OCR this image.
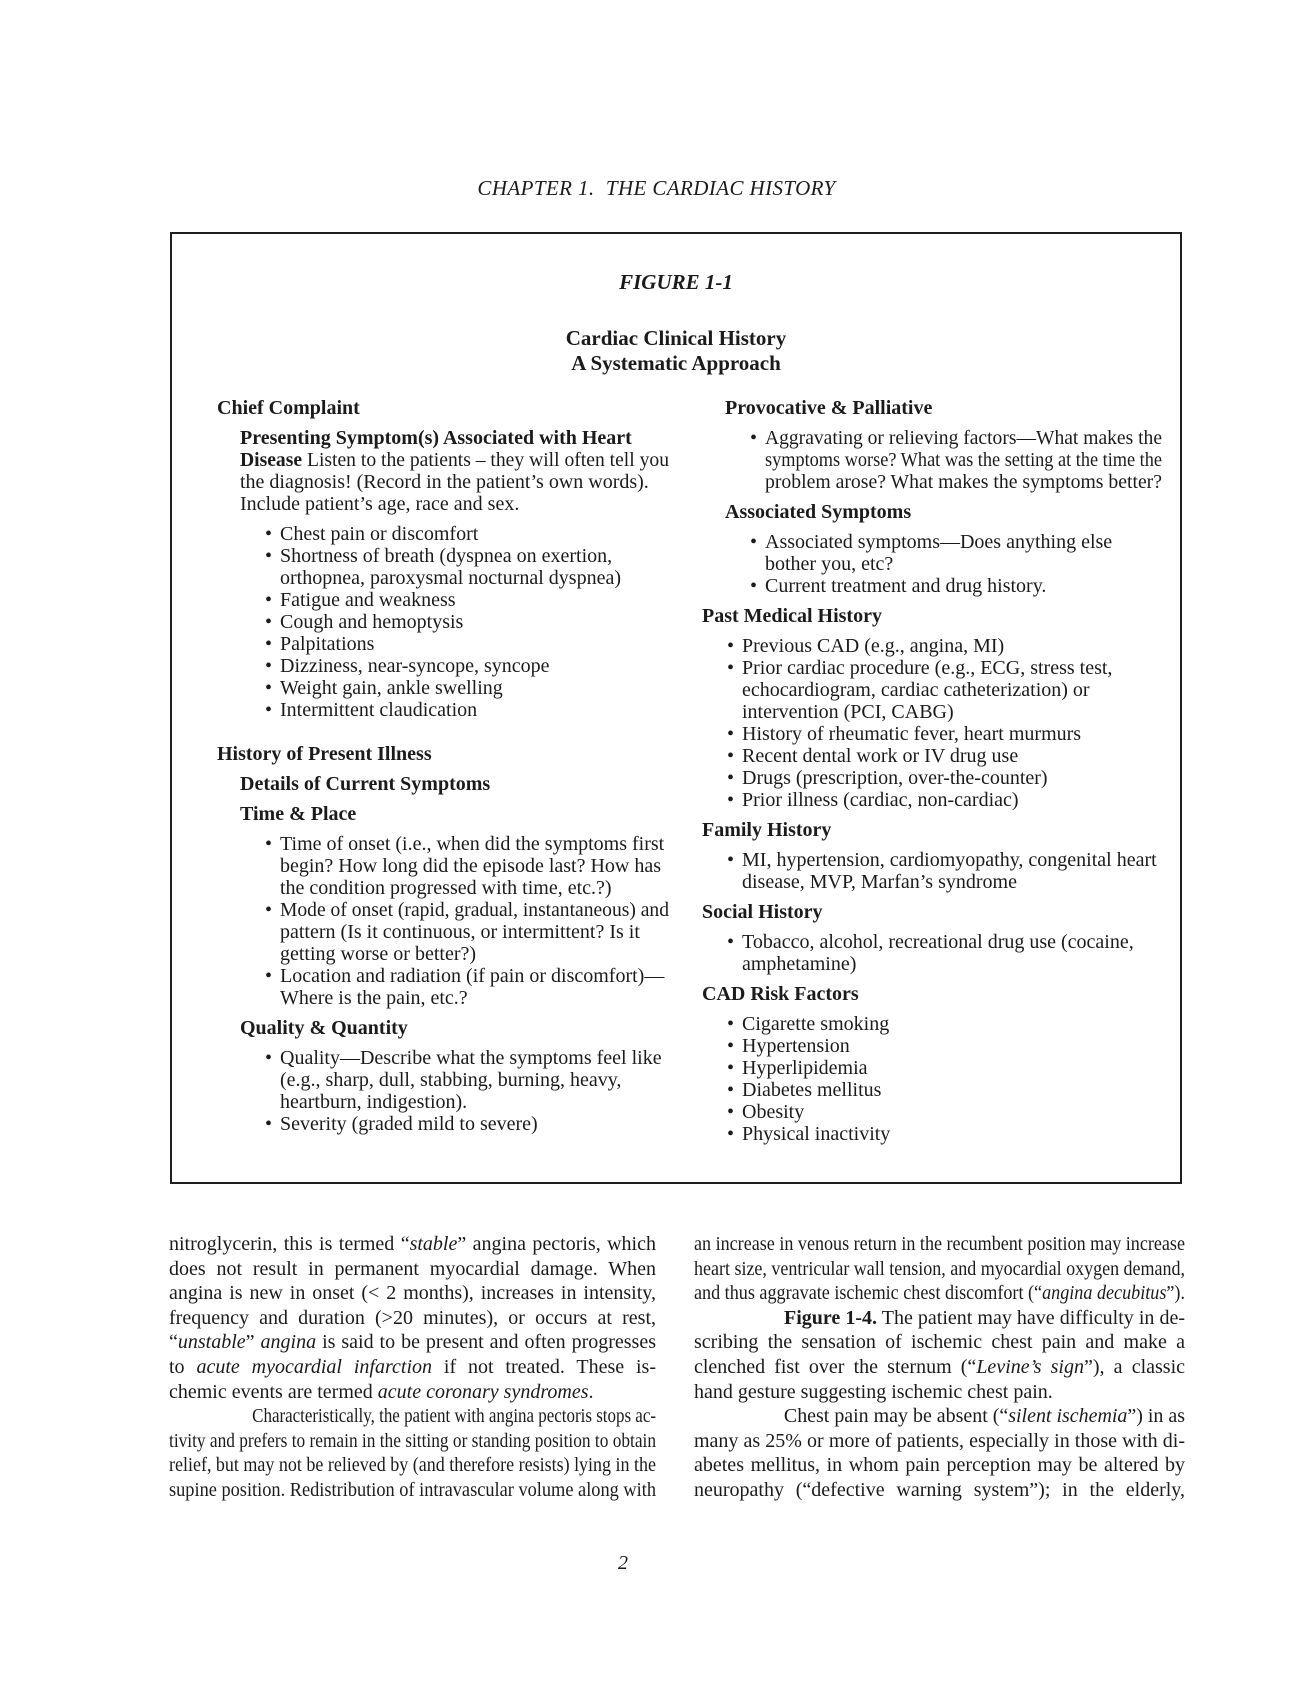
CHAPTER 1.  THE CARDIAC HISTORY
FIGURE 1-1
Cardiac Clinical History
A Systematic Approach
Chief Complaint
Presenting Symptom(s) Associated with Heart
Disease Listen to the patients – they will often tell you
the diagnosis! (Record in the patient’s own words).
Include patient’s age, race and sex.
• Chest pain or discomfort
• Shortness of breath (dyspnea on exertion,
orthopnea, paroxysmal nocturnal dyspnea)
• Fatigue and weakness
• Cough and hemoptysis
• Palpitations
• Dizziness, near-syncope, syncope
• Weight gain, ankle swelling
• Intermittent claudication
History of Present Illness
Details of Current Symptoms
Time & Place
• Time of onset (i.e., when did the symptoms first
begin? How long did the episode last? How has
the condition progressed with time, etc.?)
• Mode of onset (rapid, gradual, instantaneous) and
pattern (Is it continuous, or intermittent? Is it
getting worse or better?)
• Location and radiation (if pain or discomfort)—
Where is the pain, etc.?
Quality & Quantity
• Quality—Describe what the symptoms feel like
(e.g., sharp, dull, stabbing, burning, heavy,
heartburn, indigestion).
• Severity (graded mild to severe)
Provocative & Palliative
• Aggravating or relieving factors—What makes the
symptoms worse? What was the setting at the time the
problem arose? What makes the symptoms better?
Associated Symptoms
• Associated symptoms—Does anything else
bother you, etc?
• Current treatment and drug history.
Past Medical History
• Previous CAD (e.g., angina, MI)
• Prior cardiac procedure (e.g., ECG, stress test,
echocardiogram, cardiac catheterization) or
intervention (PCI, CABG)
• History of rheumatic fever, heart murmurs
• Recent dental work or IV drug use
• Drugs (prescription, over-the-counter)
• Prior illness (cardiac, non-cardiac)
Family History
• MI, hypertension, cardiomyopathy, congenital heart
disease, MVP, Marfan’s syndrome
Social History
• Tobacco, alcohol, recreational drug use (cocaine,
amphetamine)
CAD Risk Factors
• Cigarette smoking
• Hypertension
• Hyperlipidemia
• Diabetes mellitus
• Obesity
• Physical inactivity
nitroglycerin, this is termed “stable” angina pectoris, which
does not result in permanent myocardial damage. When
angina is new in onset (< 2 months), increases in intensity,
frequency and duration (>20 minutes), or occurs at rest,
“unstable” angina is said to be present and often progresses
to acute myocardial infarction if not treated. These is-
chemic events are termed acute coronary syndromes.
Characteristically, the patient with angina pectoris stops ac-
tivity and prefers to remain in the sitting or standing position to obtain
relief, but may not be relieved by (and therefore resists) lying in the
supine position. Redistribution of intravascular volume along with
an increase in venous return in the recumbent position may increase
heart size, ventricular wall tension, and myocardial oxygen demand,
and thus aggravate ischemic chest discomfort (“angina decubitus”).
Figure 1-4. The patient may have difficulty in de-
scribing the sensation of ischemic chest pain and make a
clenched fist over the sternum (“Levine’s sign”), a classic
hand gesture suggesting ischemic chest pain.
Chest pain may be absent (“silent ischemia”) in as
many as 25% or more of patients, especially in those with di-
abetes mellitus, in whom pain perception may be altered by
neuropathy (“defective warning system”); in the elderly,
2
